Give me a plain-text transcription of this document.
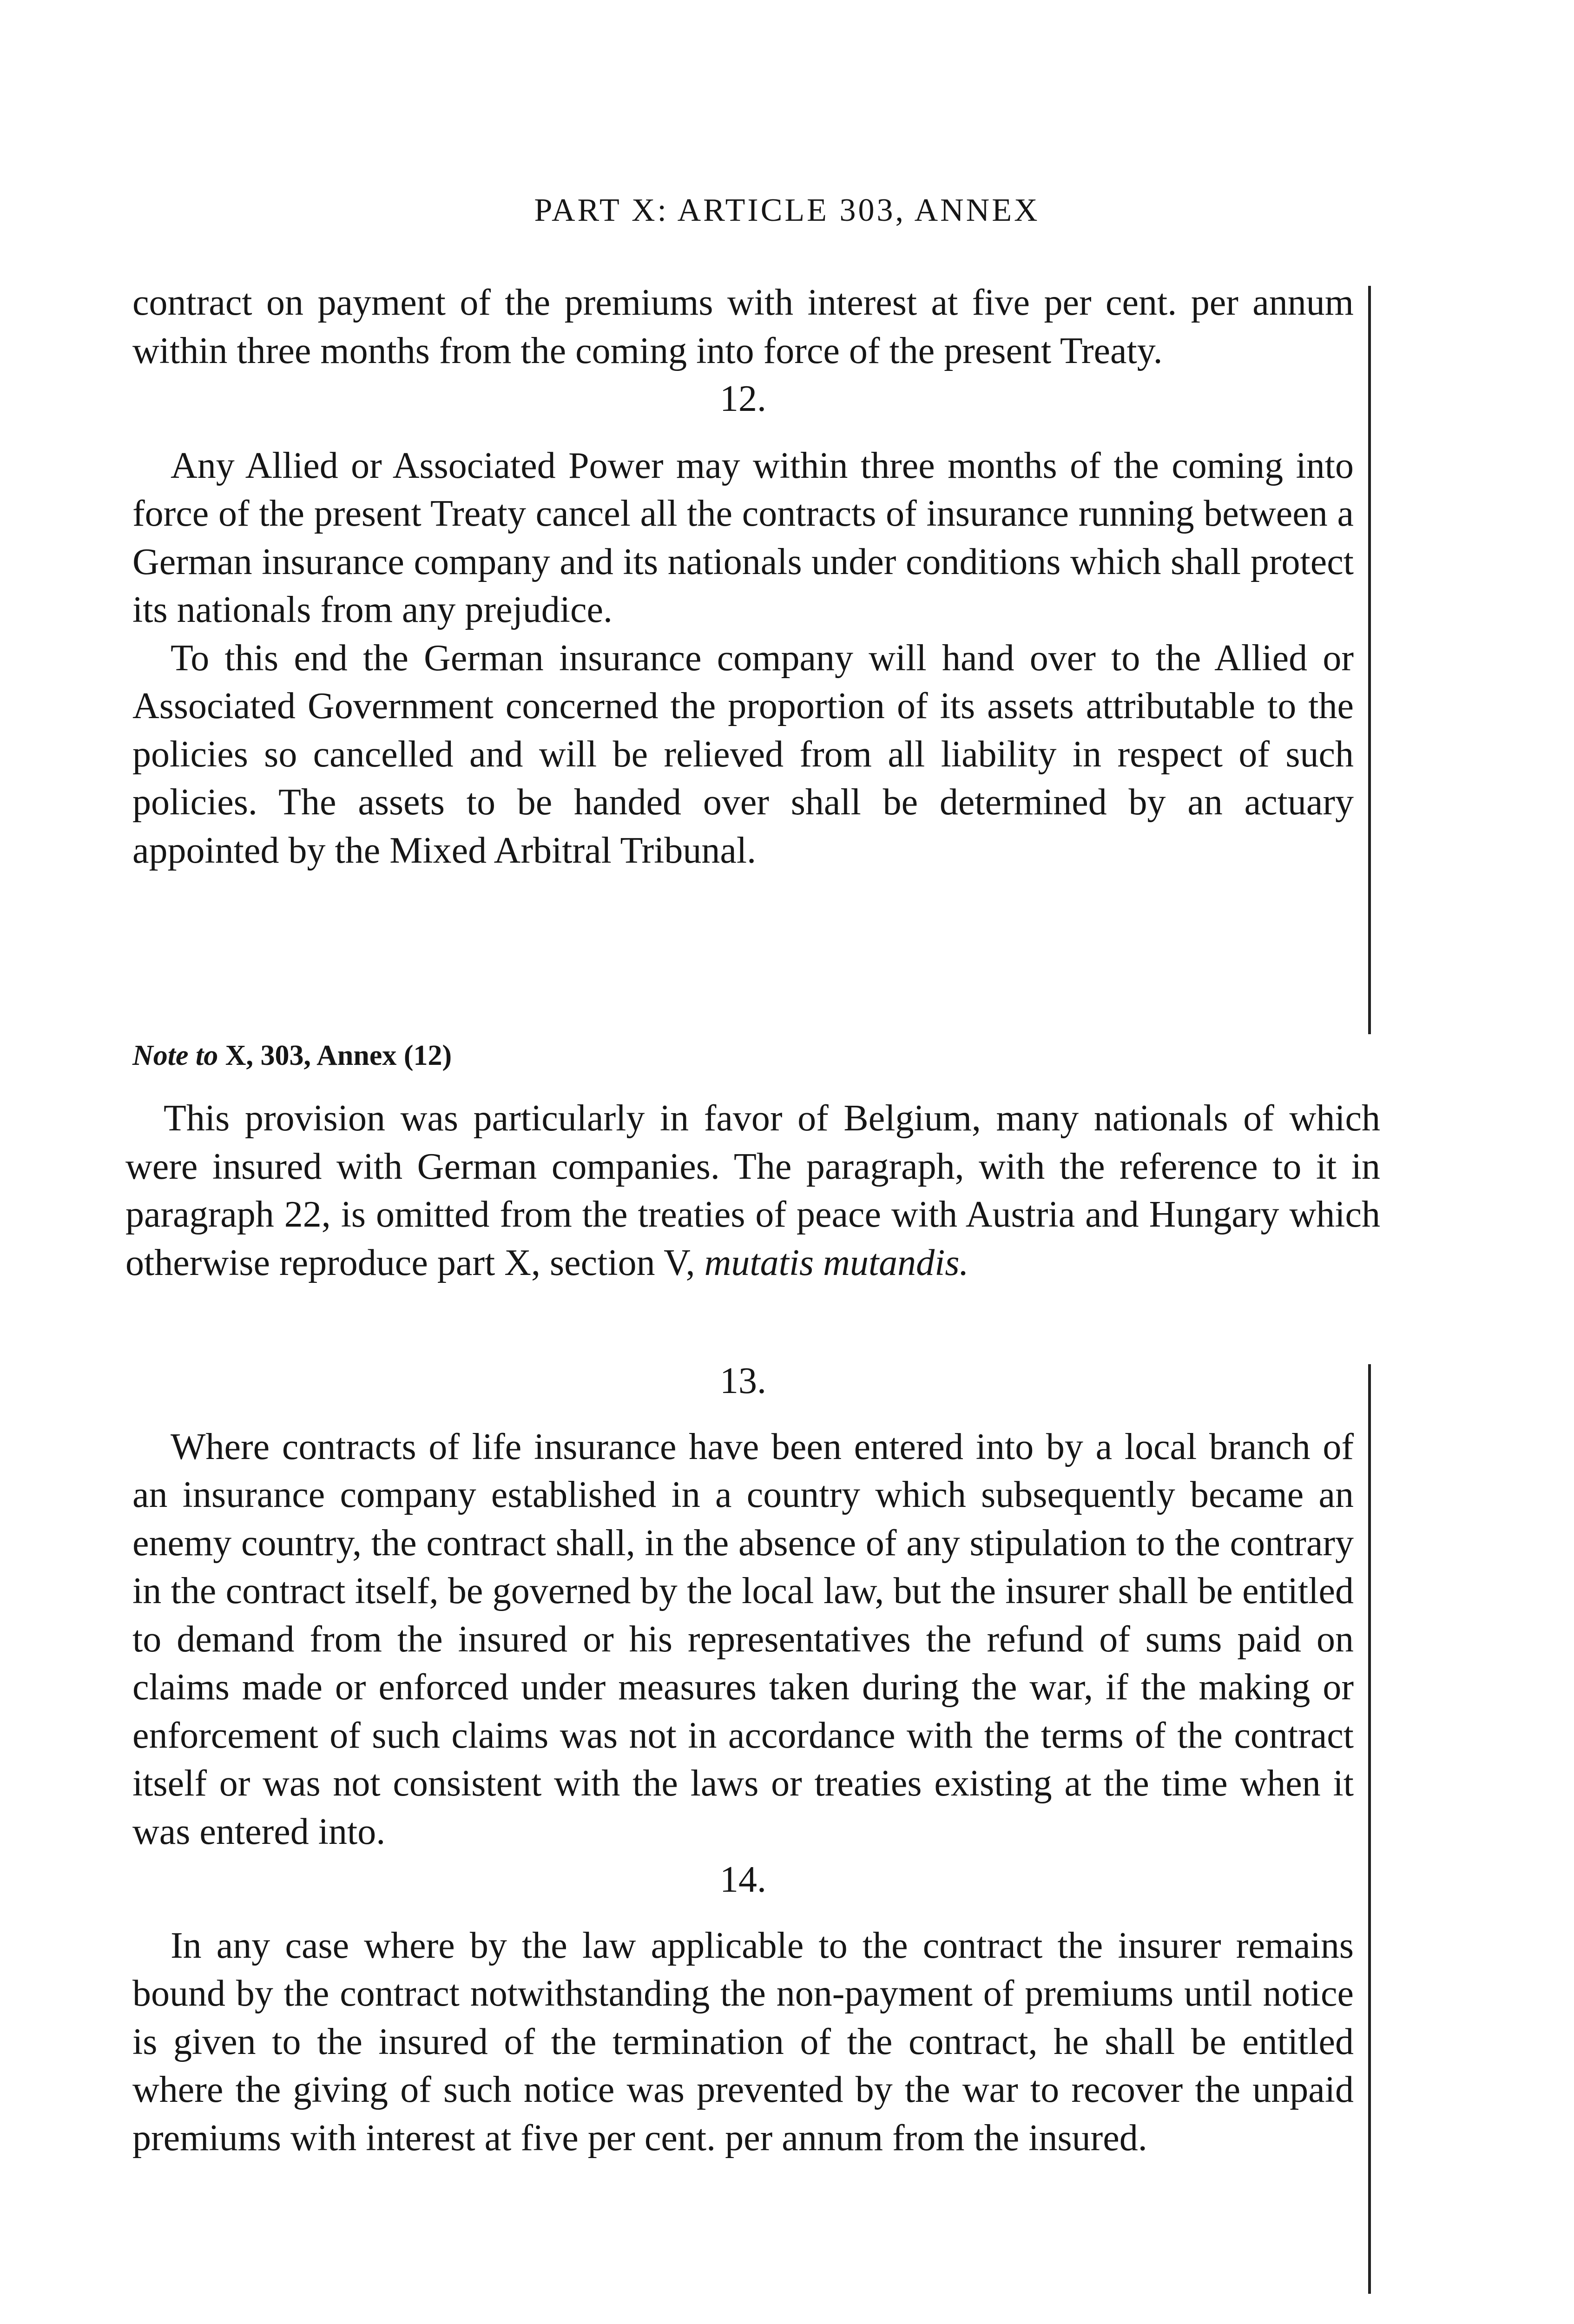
PART X: ARTICLE 303, ANNEX

contract on payment of the premiums with interest at five per cent. per annum within three months from the coming into force of the present Treaty.

12.

Any Allied or Associated Power may within three months of the coming into force of the present Treaty cancel all the contracts of insurance running between a German insurance company and its nationals under conditions which shall protect its nationals from any prejudice.

To this end the German insurance company will hand over to the Allied or Associated Government concerned the proportion of its assets attributable to the policies so cancelled and will be relieved from all liability in respect of such policies. The assets to be handed over shall be determined by an actuary appointed by the Mixed Arbitral Tribunal.

Note to X, 303, Annex (12)

This provision was particularly in favor of Belgium, many nationals of which were insured with German companies. The paragraph, with the reference to it in paragraph 22, is omitted from the treaties of peace with Austria and Hungary which otherwise reproduce part X, section V, mutatis mutandis.

13.

Where contracts of life insurance have been entered into by a local branch of an insurance company established in a country which subsequently became an enemy country, the contract shall, in the absence of any stipulation to the contrary in the contract itself, be governed by the local law, but the insurer shall be entitled to demand from the insured or his representatives the refund of sums paid on claims made or enforced under measures taken during the war, if the making or enforcement of such claims was not in accordance with the terms of the contract itself or was not consistent with the laws or treaties existing at the time when it was entered into.

14.

In any case where by the law applicable to the contract the insurer remains bound by the contract notwithstanding the non-payment of premiums until notice is given to the insured of the termination of the contract, he shall be entitled where the giving of such notice was prevented by the war to recover the unpaid premiums with interest at five per cent. per annum from the insured.
